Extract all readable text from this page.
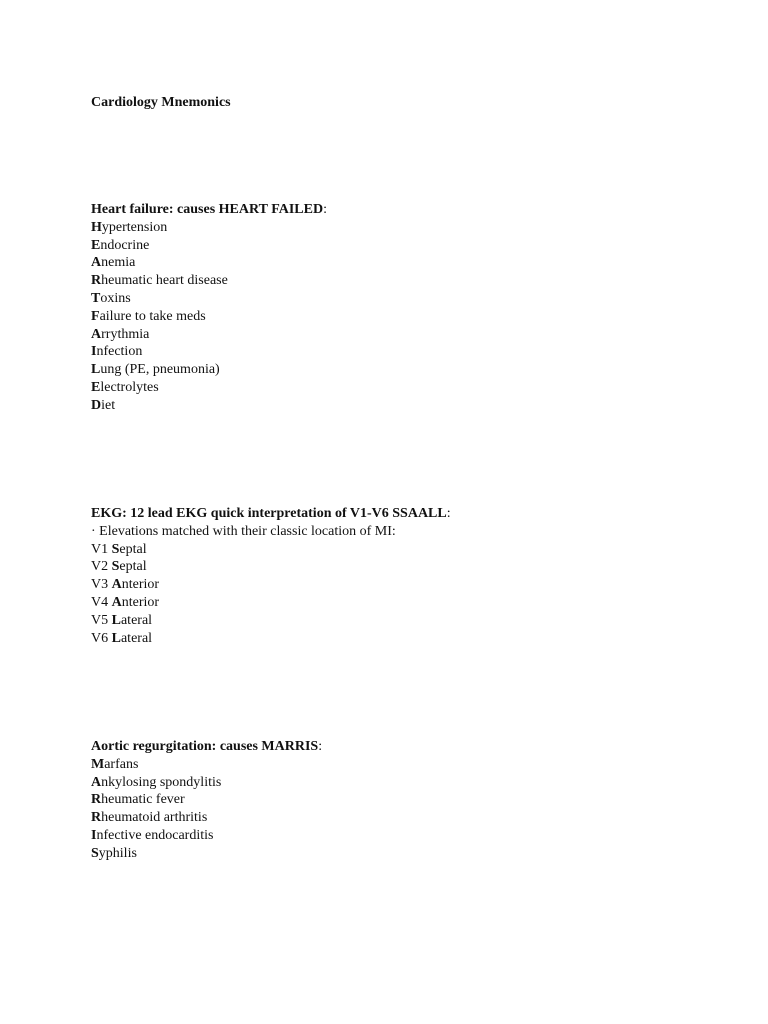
Cardiology Mnemonics
Heart failure: causes HEART FAILED:
Hypertension
Endocrine
Anemia
Rheumatic heart disease
Toxins
Failure to take meds
Arrythmia
Infection
Lung (PE, pneumonia)
Electrolytes
Diet
EKG: 12 lead EKG quick interpretation of V1-V6 SSAALL:
· Elevations matched with their classic location of MI:
V1 Septal
V2 Septal
V3 Anterior
V4 Anterior
V5 Lateral
V6 Lateral
Aortic regurgitation: causes MARRIS:
Marfans
Ankylosing spondylitis
Rheumatic fever
Rheumatoid arthritis
Infective endocarditis
Syphilis
